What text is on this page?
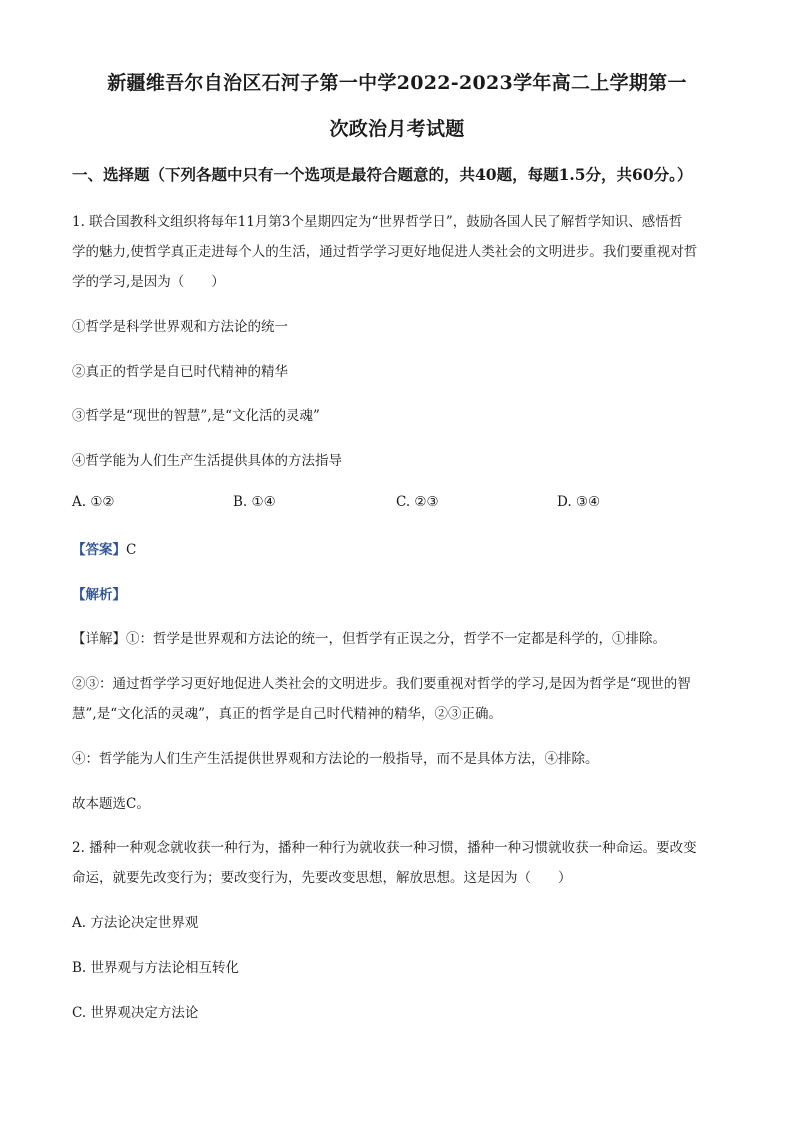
新疆维吾尔自治区石河子第一中学2022-2023学年高二上学期第一
次政治月考试题

一、选择题（下列各题中只有一个选项是最符合题意的，共40题，每题1.5分，共60分。）

1. 联合国教科文组织将每年11月第3个星期四定为“世界哲学日”，鼓励各国人民了解哲学知识、感悟哲

学的魅力,使哲学真正走进每个人的生活，通过哲学学习更好地促进人类社会的文明进步。我们要重视对哲

学的学习,是因为（　　）

①哲学是科学世界观和方法论的统一

②真正的哲学是自已时代精神的精华

③哲学是“现世的智慧”,是“文化活的灵魂”

④哲学能为人们生产生活提供具体的方法指导

A. ①②	B. ①④	C. ②③	D. ③④

【答案】C

【解析】

【详解】①：哲学是世界观和方法论的统一，但哲学有正误之分，哲学不一定都是科学的，①排除。

②③：通过哲学学习更好地促进人类社会的文明进步。我们要重视对哲学的学习,是因为哲学是“现世的智

慧”,是“文化活的灵魂”，真正的哲学是自己时代精神的精华，②③正确。

④：哲学能为人们生产生活提供世界观和方法论的一般指导，而不是具体方法，④排除。

故本题选C。

2. 播种一种观念就收获一种行为，播种一种行为就收获一种习惯，播种一种习惯就收获一种命运。要改变

命运，就要先改变行为；要改变行为，先要改变思想，解放思想。这是因为（　　）

A. 方法论决定世界观

B. 世界观与方法论相互转化

C. 世界观决定方法论
